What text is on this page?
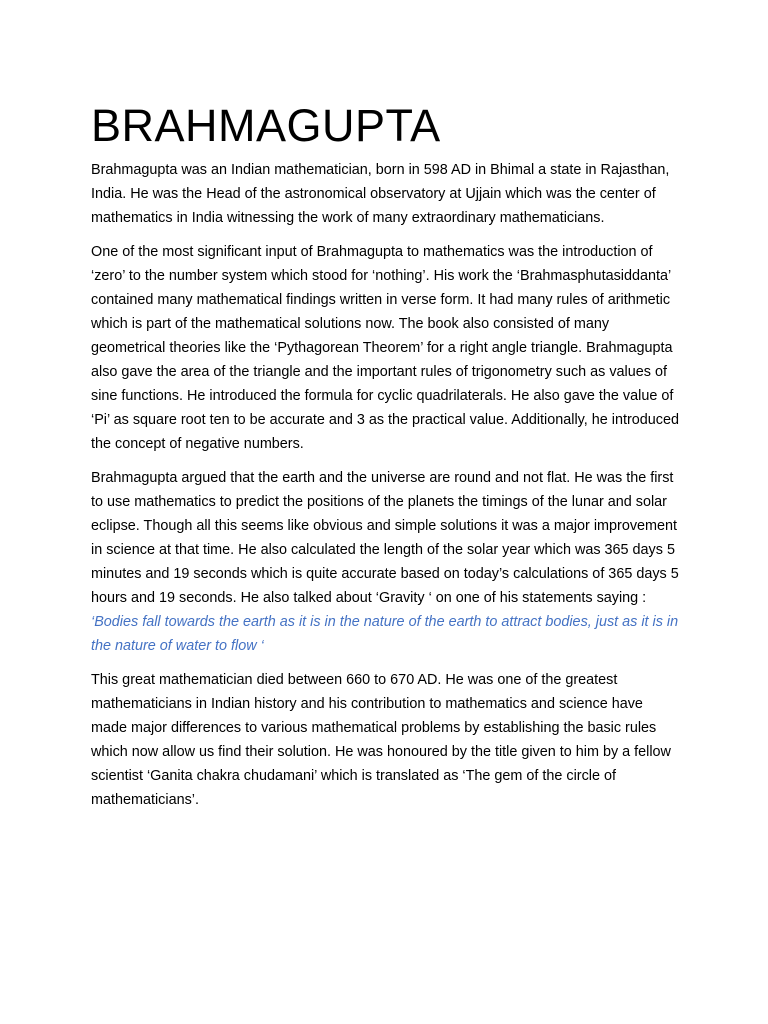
BRAHMAGUPTA

Brahmagupta was an Indian mathematician, born in 598 AD in Bhimal a state in Rajasthan, India. He was the Head of the astronomical observatory at Ujjain which was the center of mathematics in India witnessing the work of many extraordinary mathematicians.

One of the most significant input of Brahmagupta to mathematics was the introduction of ‘zero’ to the number system which stood for ‘nothing’. His work the ‘Brahmasphutasiddanta’ contained many mathematical findings written in verse form. It had many rules of arithmetic which is part of the mathematical solutions now. The book also consisted of many geometrical theories like the ‘Pythagorean Theorem’ for a right angle triangle. Brahmagupta also gave the area of the triangle and the important rules of trigonometry such as values of sine functions. He introduced the formula for cyclic quadrilaterals. He also gave the value of ‘Pi’ as square root ten to be accurate and 3 as the practical value. Additionally, he introduced the concept of negative numbers.

Brahmagupta argued that the earth and the universe are round and not flat. He was the first to use mathematics to predict the positions of the planets the timings of the lunar and solar eclipse. Though all this seems like obvious and simple solutions it was a major improvement in science at that time. He also calculated the length of the solar year which was 365 days 5 minutes and 19 seconds which is quite accurate based on today’s calculations of 365 days 5 hours and 19 seconds. He also talked about ‘Gravity ‘ on one of his statements saying :
‘Bodies fall towards the earth as it is in the nature of the earth to attract bodies, just as it is in the nature of water to flow ‘

This great mathematician died between 660 to 670 AD. He was one of the greatest mathematicians in Indian history and his contribution to mathematics and science have made major differences to various mathematical problems by establishing the basic rules which now allow us find their solution. He was honoured by the title given to him by a fellow scientist ‘Ganita chakra chudamani’ which is translated as ‘The gem of the circle of mathematicians’.
